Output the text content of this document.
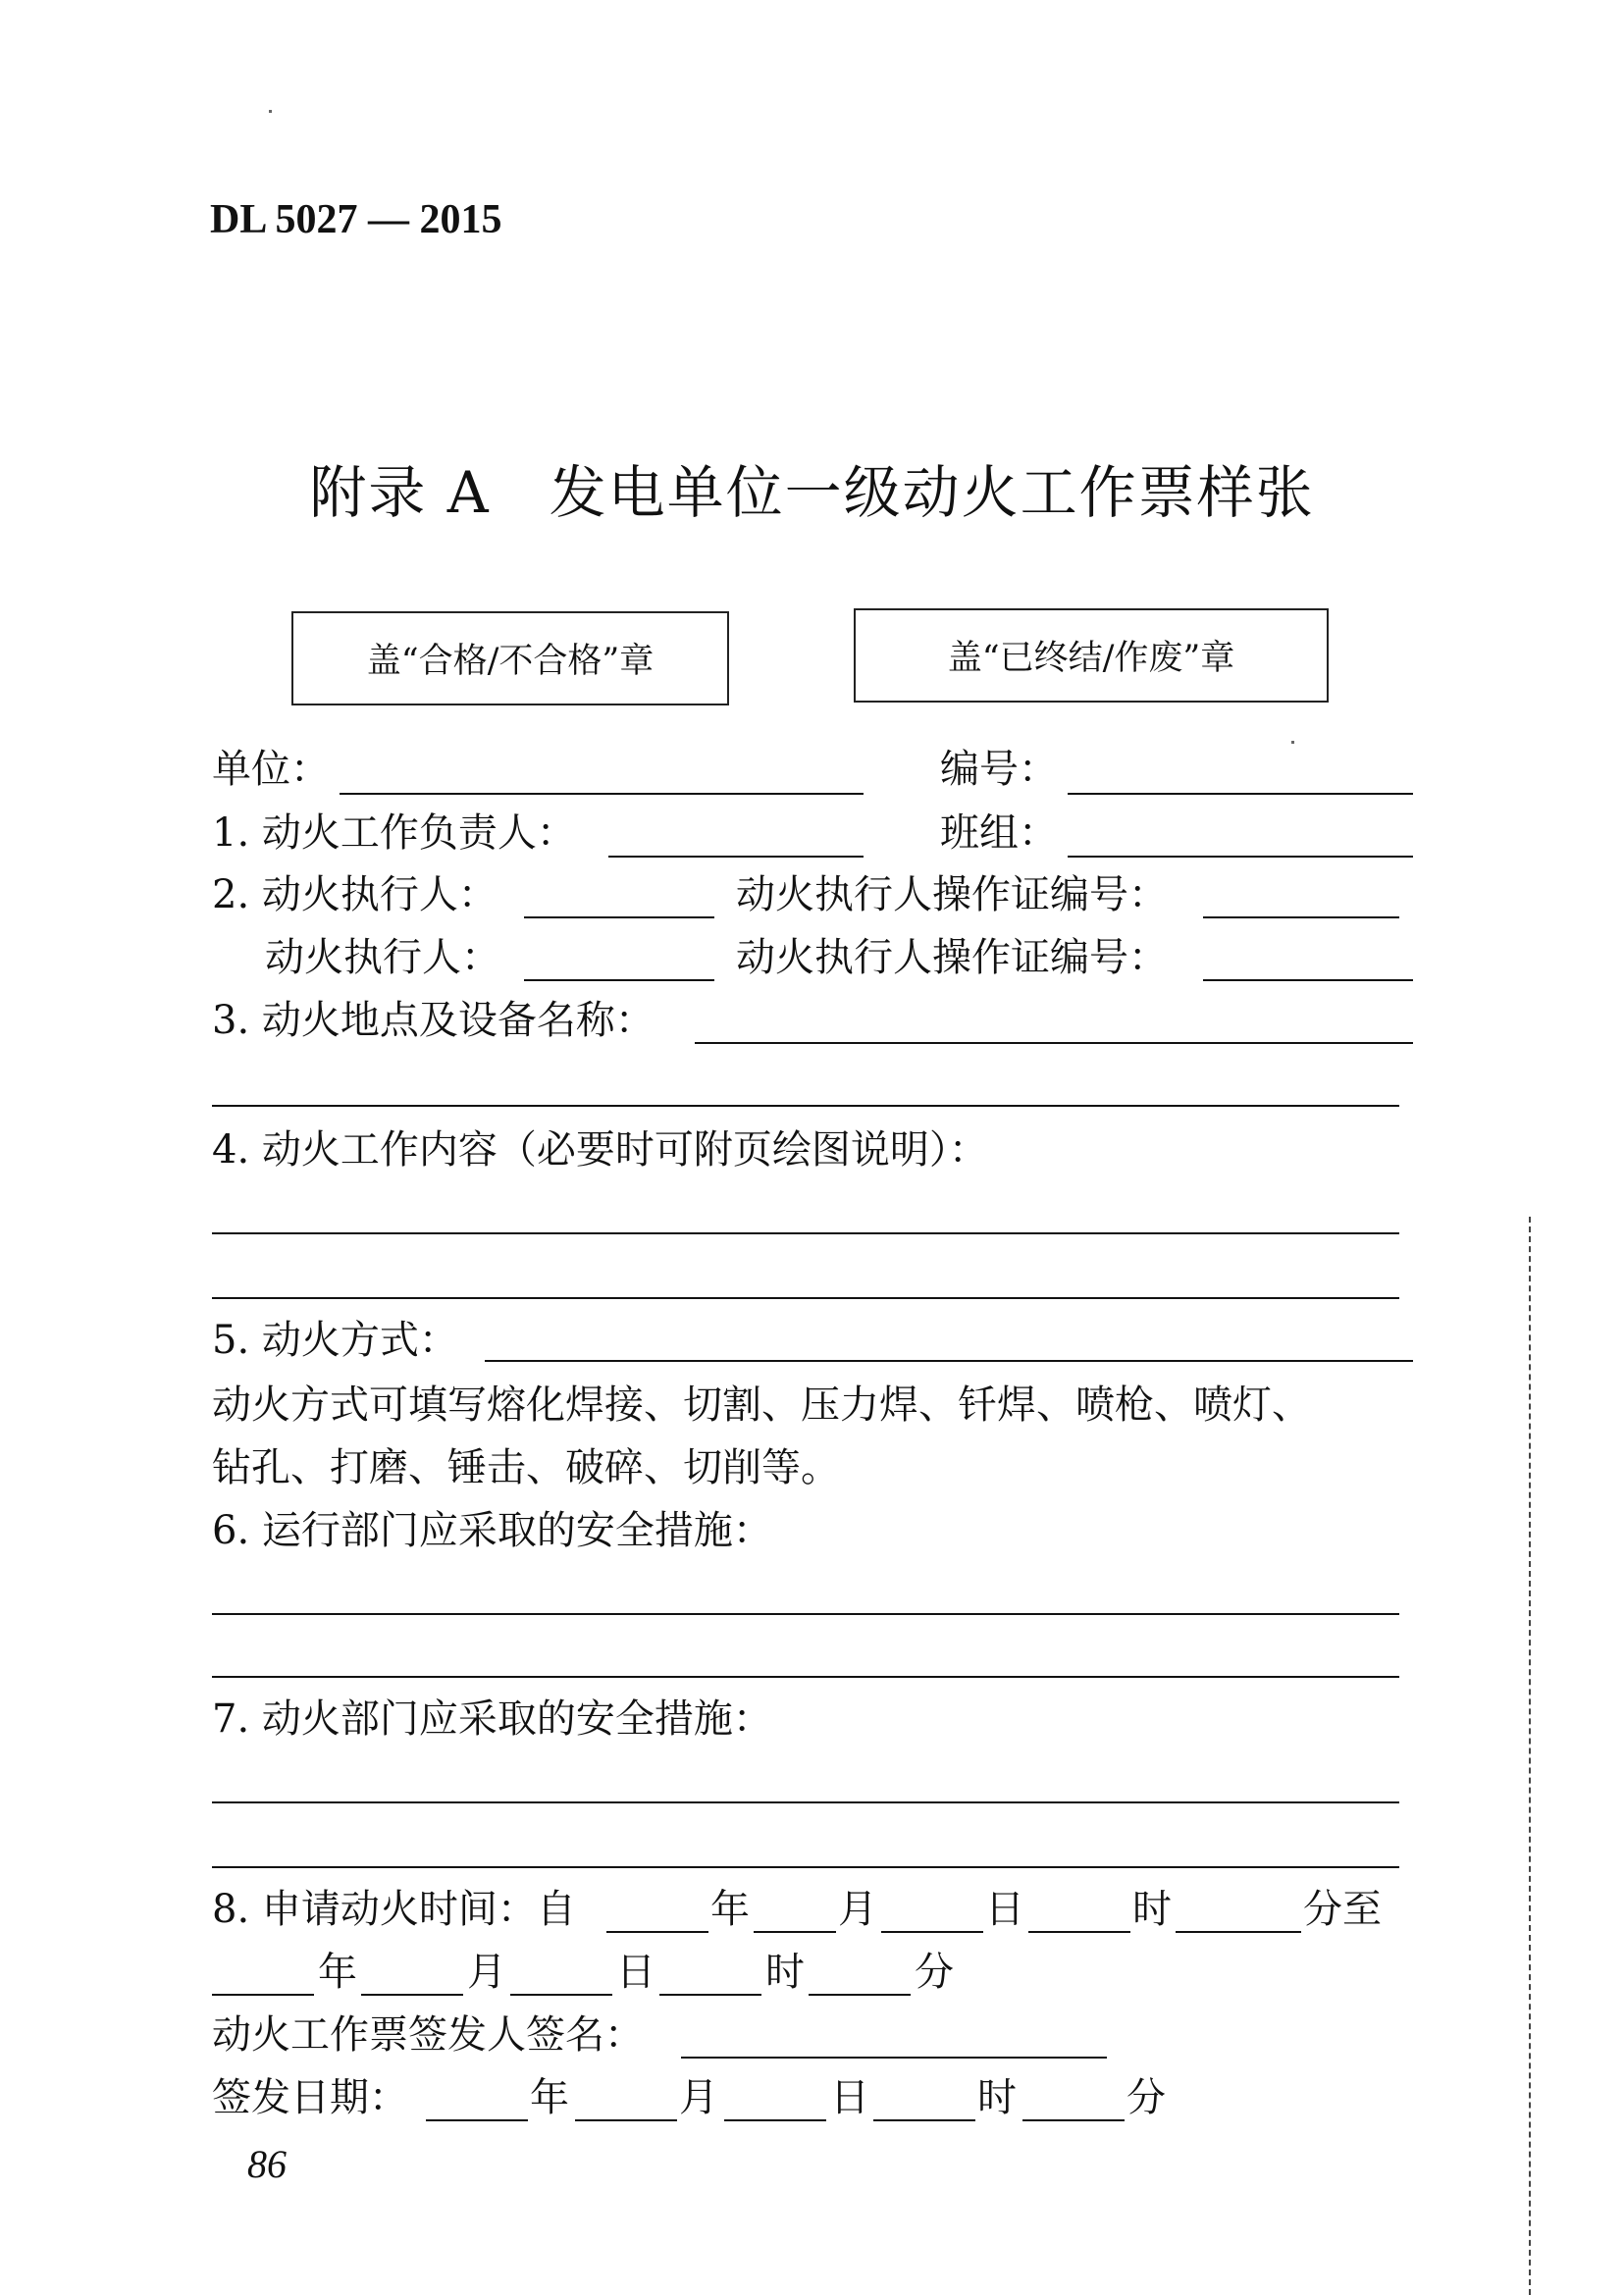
DL 5027 — 2015
附录 A　发电单位一级动火工作票样张
盖“合格/不合格”章	盖“已终结/作废”章
单位：	编号：
1. 动火工作负责人：	班组：
2. 动火执行人：	动火执行人操作证编号：
动火执行人：	动火执行人操作证编号：
3. 动火地点及设备名称：
4. 动火工作内容（必要时可附页绘图说明）：
5. 动火方式：
动火方式可填写熔化焊接、切割、压力焊、钎焊、喷枪、喷灯、
钻孔、打磨、锤击、破碎、切削等。
6. 运行部门应采取的安全措施：
7. 动火部门应采取的安全措施：
8. 申请动火时间：自	年 月	日	时	分至
年	月	日	时	分
动火工作票签发人签名：
签发日期：	年	月	日	时	分
86
